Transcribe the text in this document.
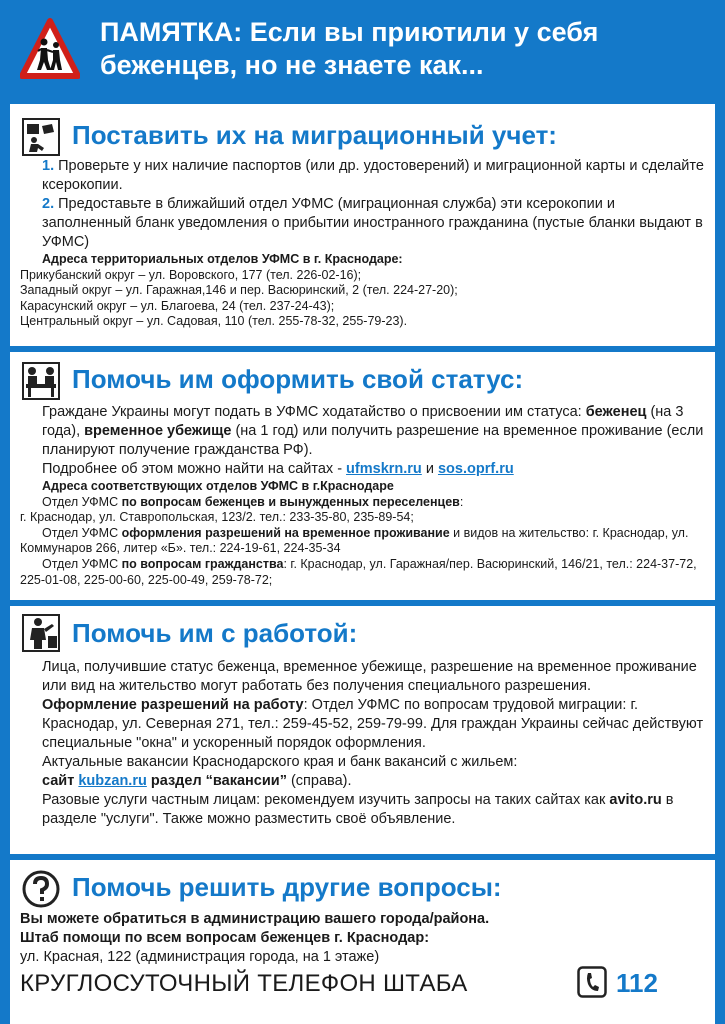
ПАМЯТКА: Если вы приютили у себя
беженцев, но не знаете как...
Поставить их на миграционный учет:
1. Проверьте у них наличие паспортов (или др. удостоверений) и миграционной карты и сделайте ксерокопии.
2. Предоставьте в ближайший отдел УФМС (миграционная служба) эти ксерокопии и заполненный бланк уведомления о прибытии иностранного гражданина (пустые бланки выдают в УФМС)
Адреса территориальных отделов УФМС в г. Краснодаре:
Прикубанский округ – ул. Воровского, 177 (тел. 226-02-16);
Западный округ – ул. Гаражная,146 и пер. Васюринский, 2 (тел. 224-27-20);
Карасунский округ – ул. Благоева, 24 (тел. 237-24-43);
Центральный округ – ул. Садовая, 110 (тел. 255-78-32, 255-79-23).
Помочь им оформить свой статус:
Граждане Украины могут подать в УФМС ходатайство о присвоении им статуса: беженец (на 3 года), временное убежище (на 1 год) или получить разрешение на временное проживание (если планируют получение гражданства РФ).
Подробнее об этом можно найти на сайтах - ufmskrn.ru и sos.oprf.ru
Адреса соответствующих отделов УФМС в г.Краснодаре
Отдел УФМС по вопросам беженцев и вынужденных переселенцев:
г. Краснодар, ул. Ставропольская, 123/2. тел.: 233-35-80, 235-89-54;
Отдел УФМС оформления разрешений на временное проживание и видов на жительство: г. Краснодар, ул. Коммунаров 266, литер «Б». тел.: 224-19-61, 224-35-34
Отдел УФМС по вопросам гражданства: г. Краснодар, ул. Гаражная/пер. Васюринский, 146/21, тел.: 224-37-72, 225-01-08, 225-00-60, 225-00-49, 259-78-72;
Помочь им с работой:
Лица, получившие статус беженца, временное убежище, разрешение на временное проживание или вид на жительство могут работать без получения специального разрешения.
Оформление разрешений на работу: Отдел УФМС по вопросам трудовой миграции: г. Краснодар, ул. Северная 271, тел.: 259-45-52, 259-79-99. Для граждан Украины сейчас действуют специальные "окна" и ускоренный порядок оформления.
Актуальные вакансии Краснодарского края и банк вакансий с жильем:
сайт kubzan.ru раздел “вакансии” (справа).
Разовые услуги частным лицам: рекомендуем изучить запросы на таких сайтах как avito.ru в разделе "услуги". Также можно разместить своё объявление.
Помочь решить другие вопросы:
Вы можете обратиться в администрацию вашего города/района.
Штаб помощи по всем вопросам беженцев г. Краснодар:
ул. Красная, 122 (администрация города, на 1 этаже)
КРУГЛОСУТОЧНЫЙ ТЕЛЕФОН ШТАБА	112
